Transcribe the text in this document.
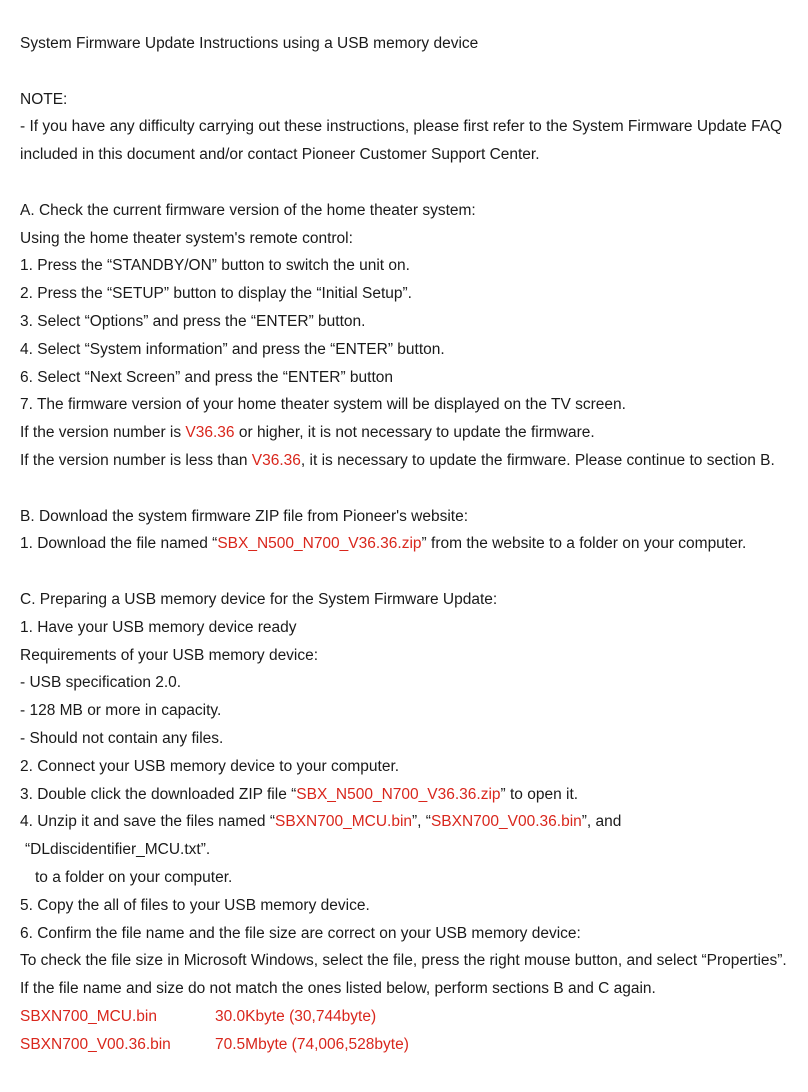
System Firmware Update Instructions using a USB memory device
NOTE:
- If you have any difficulty carrying out these instructions, please first refer to the System Firmware Update FAQ
included in this document and/or contact Pioneer Customer Support Center.
A. Check the current firmware version of the home theater system:
Using the home theater system's remote control:
1. Press the “STANDBY/ON” button to switch the unit on.
2. Press the “SETUP” button to display the “Initial Setup”.
3. Select “Options” and press the “ENTER” button.
4. Select “System information” and press the “ENTER” button.
6. Select “Next Screen” and press the “ENTER” button
7. The firmware version of your home theater system will be displayed on the TV screen.
If the version number is V36.36 or higher, it is not necessary to update the firmware.
If the version number is less than V36.36, it is necessary to update the firmware. Please continue to section B.
B. Download the system firmware ZIP file from Pioneer's website:
1. Download the file named “SBX_N500_N700_V36.36.zip” from the website to a folder on your computer.
C. Preparing a USB memory device for the System Firmware Update:
1. Have your USB memory device ready
Requirements of your USB memory device:
- USB specification 2.0.
- 128 MB or more in capacity.
- Should not contain any files.
2. Connect your USB memory device to your computer.
3. Double click the downloaded ZIP file “SBX_N500_N700_V36.36.zip” to open it.
4. Unzip it and save the files named “SBXN700_MCU.bin”, “SBXN700_V00.36.bin”, and
“DLdiscidentifier_MCU.txt”.
to a folder on your computer.
5. Copy the all of files to your USB memory device.
6. Confirm the file name and the file size are correct on your USB memory device:
To check the file size in Microsoft Windows, select the file, press the right mouse button, and select “Properties”.
If the file name and size do not match the ones listed below, perform sections B and C again.
SBXN700_MCU.bin	30.0Kbyte (30,744byte)
SBXN700_V00.36.bin	70.5Mbyte (74,006,528byte)
